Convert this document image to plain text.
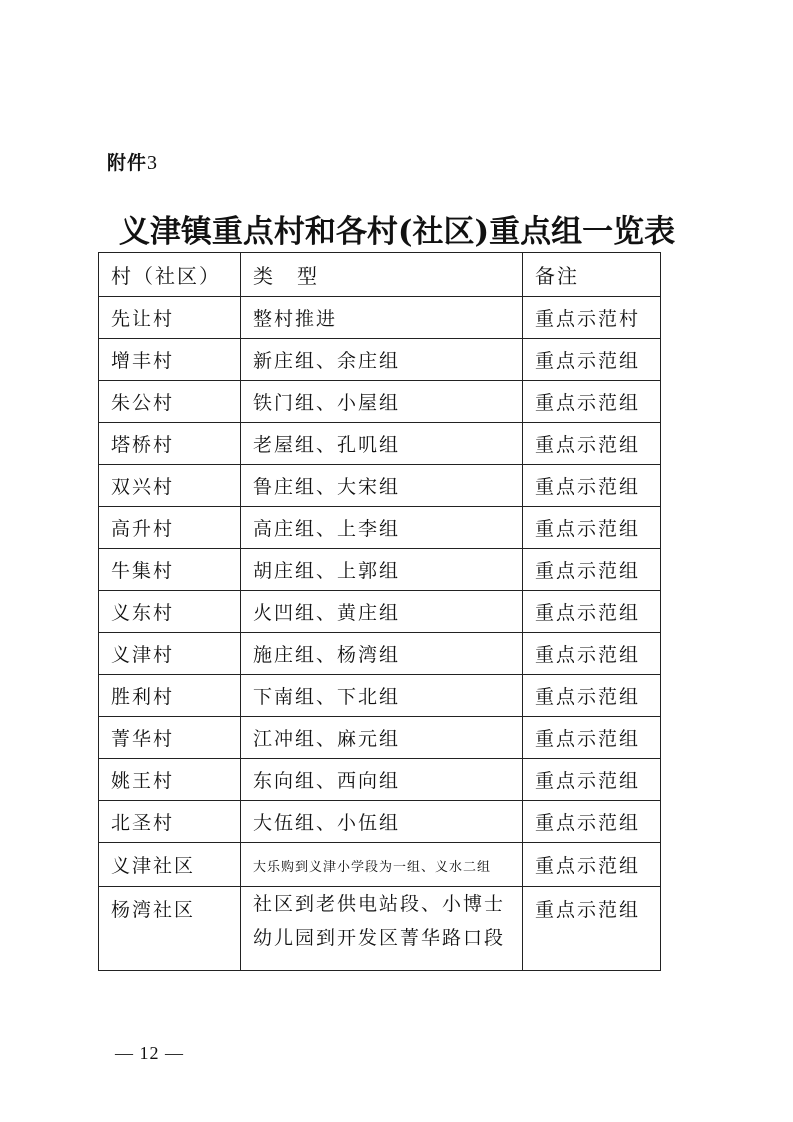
附件3
义津镇重点村和各村(社区)重点组一览表
村（社区）	类　型	备注
先让村	整村推进	重点示范村
增丰村	新庄组、余庄组	重点示范组
朱公村	铁门组、小屋组	重点示范组
塔桥村	老屋组、孔叽组	重点示范组
双兴村	鲁庄组、大宋组	重点示范组
高升村	高庄组、上李组	重点示范组
牛集村	胡庄组、上郭组	重点示范组
义东村	火凹组、黄庄组	重点示范组
义津村	施庄组、杨湾组	重点示范组
胜利村	下南组、下北组	重点示范组
菁华村	江冲组、麻元组	重点示范组
姚王村	东向组、西向组	重点示范组
北圣村	大伍组、小伍组	重点示范组
义津社区	大乐购到义津小学段为一组、义水二组	重点示范组
杨湾社区	社区到老供电站段、小博士幼儿园到开发区菁华路口段	重点示范组
— 12 —
